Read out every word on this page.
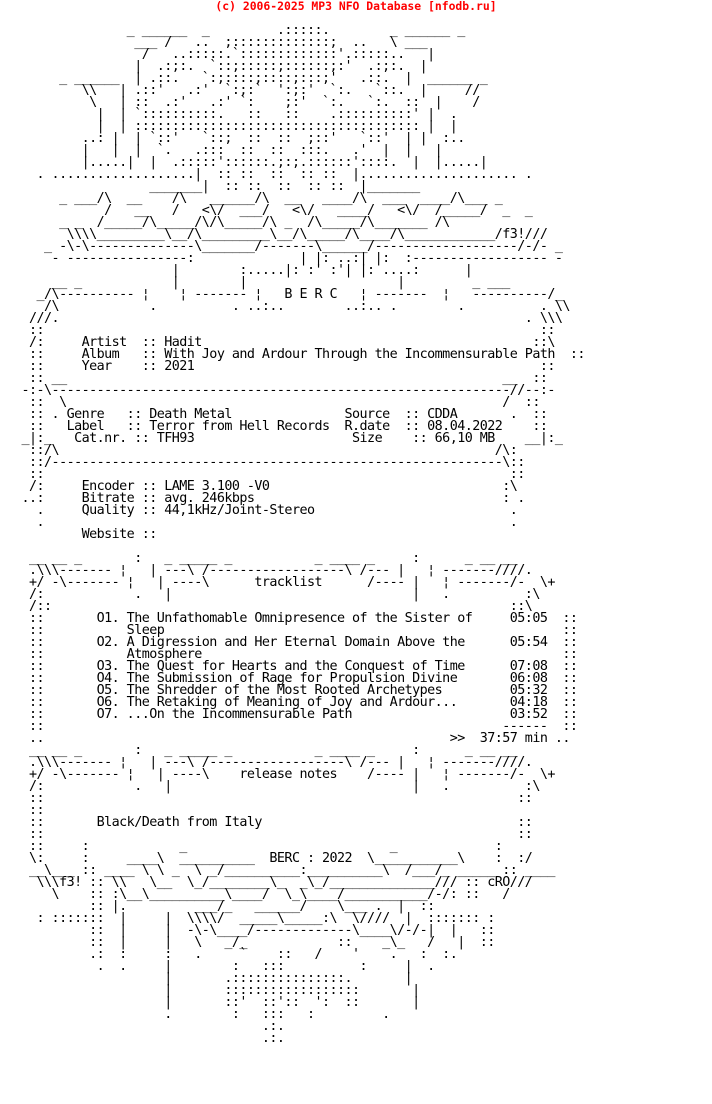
(c) 2006-2025 MP3 NFO Database [nfodb.ru]

_ ______  _         .:::::.        _ ______ _
___ /   ..  ;:::::::::::::;  ..   \ ___
/   ..:::::.`:::::::::::::'.:::::..   |
|  .:;:.  `::;:::::;::::::;:'  .:;:.  |
_ ______  | .::.   `:;::::;::::;:::;'   .::.  |  ______ _
\\   | .::'   .:'  `:;:`  ':;:'  `:.   `::.  |     //
\   | ::  .:'   .:' `:    ;:'  `:.   `:.  ::  |    /
|  | `::::::::::.   ::   ::    .::::::::::' |  .
|  | :::::::::::::::::::::::::::::::::::::: |  |
..: |  | `::'   `::;  ::  ::  ;::'   `::'  | |  :..
|   |  |  `.   .:::  ::  ::  :::.   .'  |  |   |
|.....|  |  .:::::'::::::.;:;.::::::'::::.  |  |.....|
. ...................|  :: ::  ::  :: ::  |..................... .
_______|  :: ::  ::  :: ::  |_______
_ ___/\  __    /\   ______/\  __   ____/\  ___  ____/\___ _
/   __   /   <\/  ___/   <\/   ____/   <\/  /_____/  _  _
_ _  /_____/\_____/\/\_____/\ _  /\_____/\_______ /\
\\\\_________\__/\_________\__/\_____/\____/\____________/f3!///
_ -\-\--------------\_______/-------\______/-------------------/-/- _
- ----------------:              | |: ..:| |:  :------------------ -
|        :.....|: :' :'| |: ....:      |
__ _            |        |                    |         _ ___
_/\---------- ¦    ¦ ------- ¦   B E R C   ¦ -------  ¦   ----------/_
/\            .          . ..:..        ..:.. .        .          . \\
///.                                                              . \\\
::                                                                  ::
/:     Artist  :: Hadit                                            ::\
::     Album   :: With Joy and Ardour Through the Incommensurable Path  ::
::     Year    :: 2021                                              ::
:: __                                                          __  ::
-:-\-------------------------------------------------------------//--:-
::  \                                                          /  ::
:: . Genre   :: Death Metal               Source  :: CDDA       .  ::
::   Label   :: Terror from Hell Records  R.date  :: 08.04.2022    ::
_|:_   Cat.nr. :: TFH93                     Size    :: 66,10 MB    __|:_
::/\                                                          /\:
::/------------------------------------------------------------\::
::                                                              ::
/:     Encoder :: LAME 3.100 -V0                               :\
..:     Bitrate :: avg. 246kbps                                 : .
.     Quality :: 44,1kHz/Joint-Stereo                          .
.                                                              .
Website ::

__ __ _       :   _ _____ _           _ ____ _     :      _ __ __
.\\\------- ¦   | ---\ /------------------\ /--- |   ¦ -------////.
+/ -\------- ¦   | ----\      tracklist      /---- |   ¦ -------/-  \+
/:            .   |                                |   .          :\
/::                                                             ::\
::       O1. The Unfathomable Omnipresence of the Sister of     05:05  ::
::           Sleep                                                     ::
::       O2. A Digression and Her Eternal Domain Above the      05:54  ::
::           Atmosphere                                                ::
::       O3. The Quest for Hearts and the Conquest of Time      07:08  ::
::       O4. The Submission of Rage for Propulsion Divine       06:08  ::
::       O5. The Shredder of the Most Rooted Archetypes         05:32  ::
::       O6. The Retaking of Meaning of Joy and Ardour...       04:18  ::
::       O7. ...On the Incommensurable Path                     03:52  ::
::                                                             ------  ::
..                                                      >>  37:57 min ..
__ __ _       :   _ _____ _           _ ____ _     :      _ __ __
.\\\------- ¦   | ---\ /------------------\ /--- |   ¦ -------////.
+/ -\------- ¦   | ----\    release notes    /---- |   ¦ -------/-  \+
/:            .   |                                |   .          :\
::                                                               ::
::
::       Black/Death from Italy                                  ::
::                                                               ::
::     :            _                           _             :
\:     :     ____\  __________  BERC : 2022  \___________\    :  :/
__\___ :: ____ \ \ _  \ _/__________:__________\  /___/_ _____ :: ____
\\\f3! :: \\   \__  \_/________\_  _\_/______________/// :: cRO///
\    :: :\__\__________\____/  \_\____/___________/-/: ::   /
:: |.         ___/_   ______/    \___ .  |  ::
: :::::::  |     |  \\\\/  _____\_____:\  \////  |  ::::::: :
::  |     |  -\-\____/-------------\____\/-/-|  |   ::
::  |     |   \   _/_            ::    _\_   /   |  ::
.:  :     :   .     `    ::   /    '    .   :  :.
.  .     |        :   :::          :     |  .
|       .:::::::::::::::.       |
|       ::::::::::::::::::       |
|       ::'  ::'::  ':  ::       |
.        :   :::   :         .
.:.
.:.
